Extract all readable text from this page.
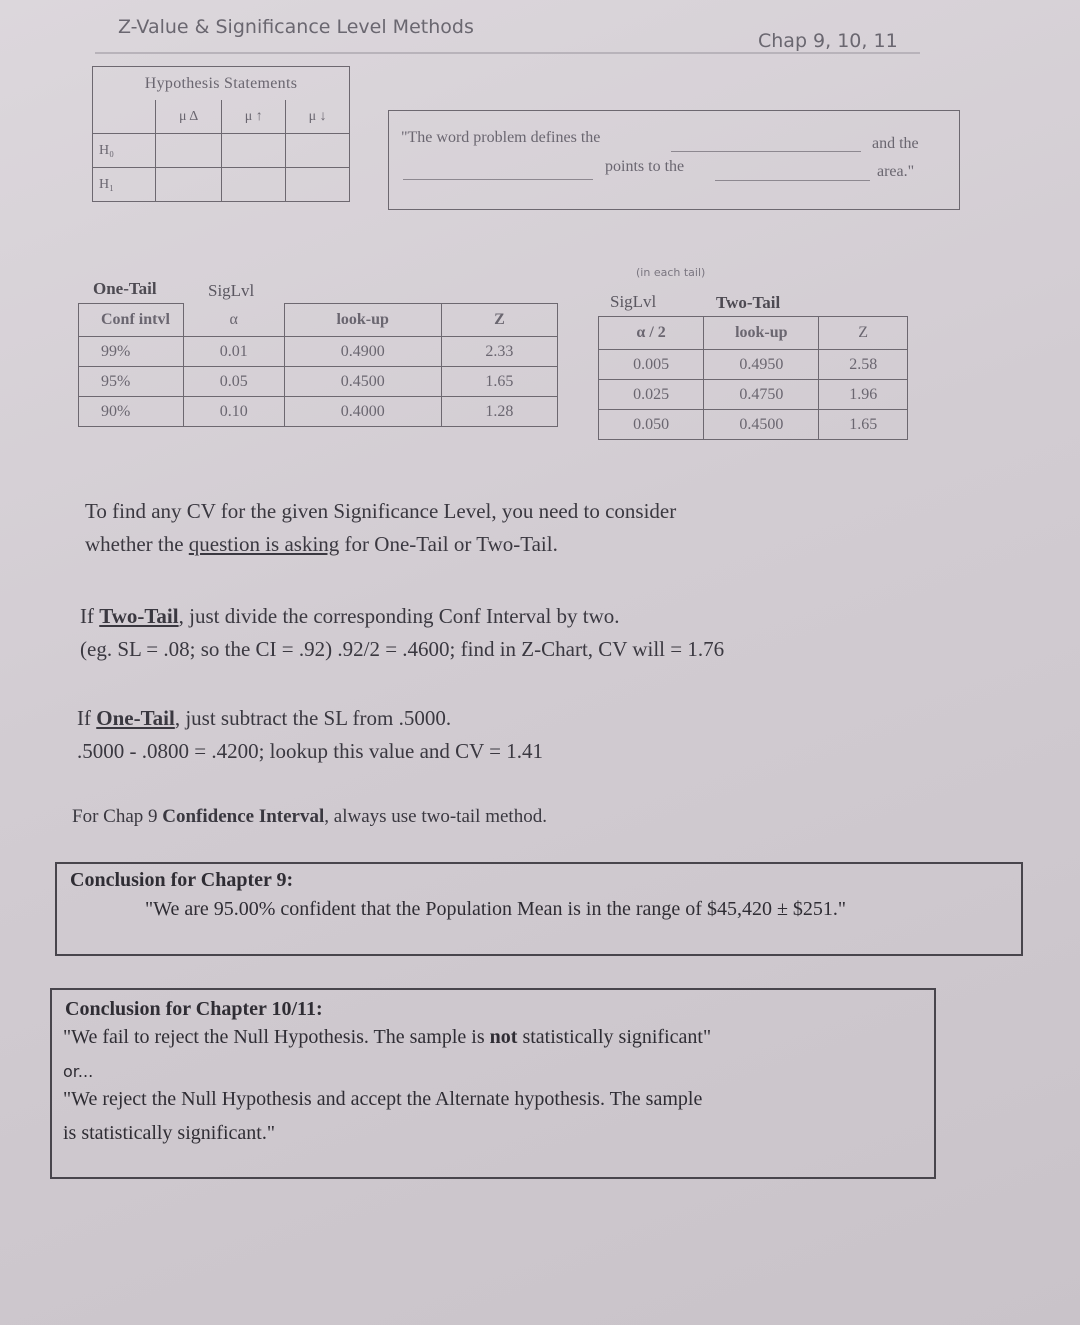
Z-Value & Significance Level Methods
Chap 9, 10, 11
Hypothesis Statements			
	μ Δ	μ ↑	μ ↓
H₀			
H₁			
"The word problem defines the	and the
points to the	area."
One-Tail	SigLvl
Conf intvl	α	look-up	Z
99%	0.01	0.4900	2.33
95%	0.05	0.4500	1.65
90%	0.10	0.4000	1.28
(in each tail)
SigLvl	Two-Tail
α / 2	look-up	Z
0.005	0.4950	2.58
0.025	0.4750	1.96
0.050	0.4500	1.65
To find any CV for the given Significance Level, you need to consider
whether the question is asking for One-Tail or Two-Tail.
If Two-Tail, just divide the corresponding Conf Interval by two.
(eg. SL = .08; so the CI = .92) .92/2 = .4600; find in Z-Chart, CV will = 1.76
If One-Tail, just subtract the SL from .5000.
.5000 - .0800 = .4200; lookup this value and CV = 1.41
For Chap 9 Confidence Interval, always use two-tail method.
Conclusion for Chapter 9:
"We are 95.00% confident that the Population Mean is in the range of $45,420 ± $251."
Conclusion for Chapter 10/11:
"We fail to reject the Null Hypothesis. The sample is not statistically significant"
or...
"We reject the Null Hypothesis and accept the Alternate hypothesis. The sample
is statistically significant."
